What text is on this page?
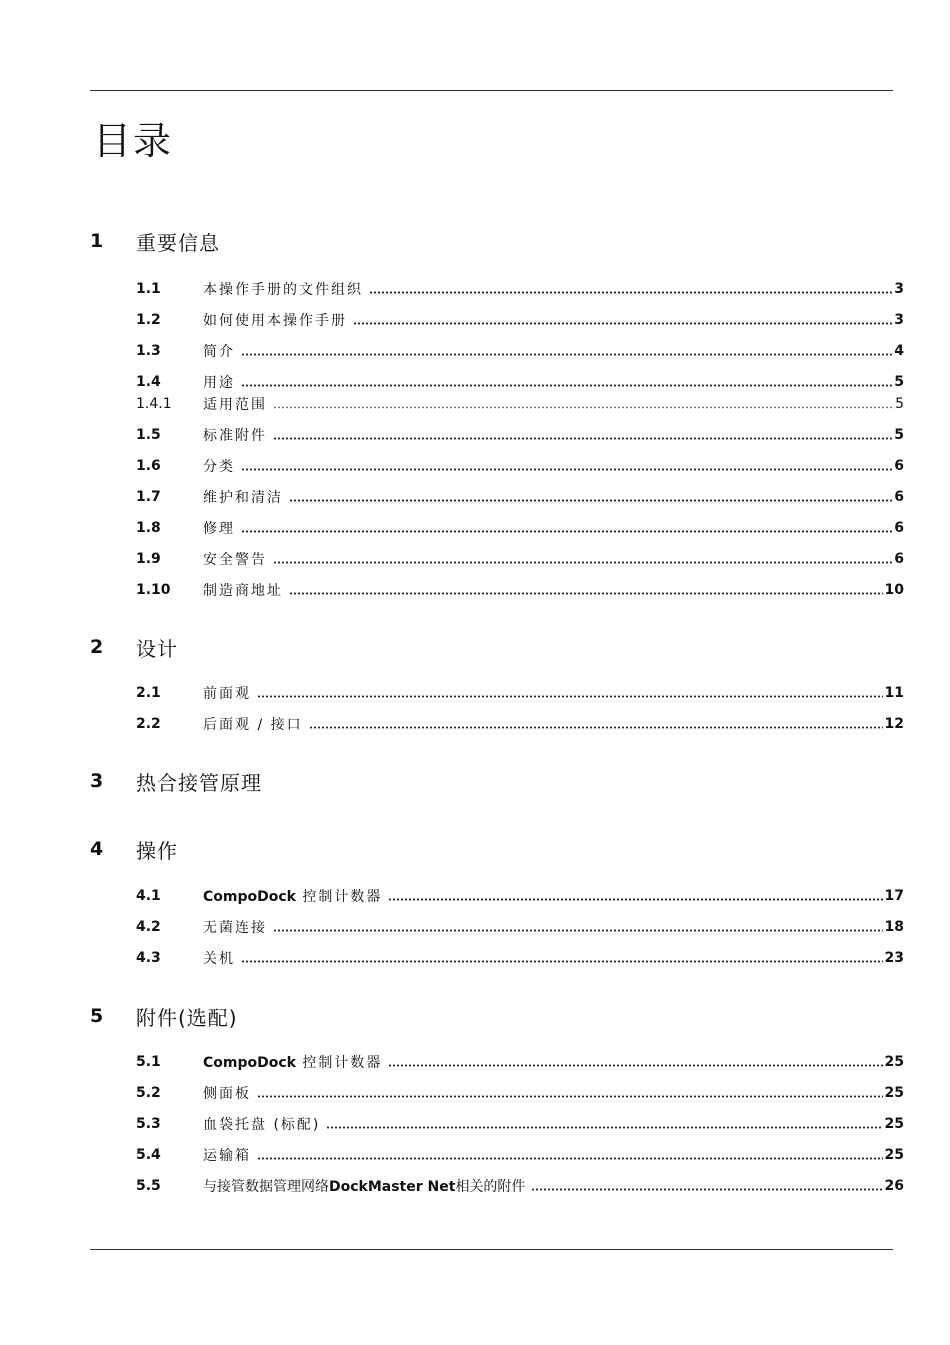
目录
1	重要信息
1.1	本操作手册的文件组织	3
1.2	如何使用本操作手册	3
1.3	简介	4
1.4	用途	5
1.4.1	适用范围	5
1.5	标准附件	5
1.6	分类	6
1.7	维护和清洁	6
1.8	修理	6
1.9	安全警告	6
1.10	制造商地址	10
2	设计
2.1	前面观	11
2.2	后面观 / 接口	12
3	热合接管原理
4	操作
4.1	CompoDock 控制计数器	17
4.2	无菌连接	18
4.3	关机	23
5	附件(选配)
5.1	CompoDock 控制计数器	25
5.2	侧面板	25
5.3	血袋托盘 (标配)	25
5.4	运输箱	25
5.5	与接管数据管理网络DockMaster Net相关的附件	26
